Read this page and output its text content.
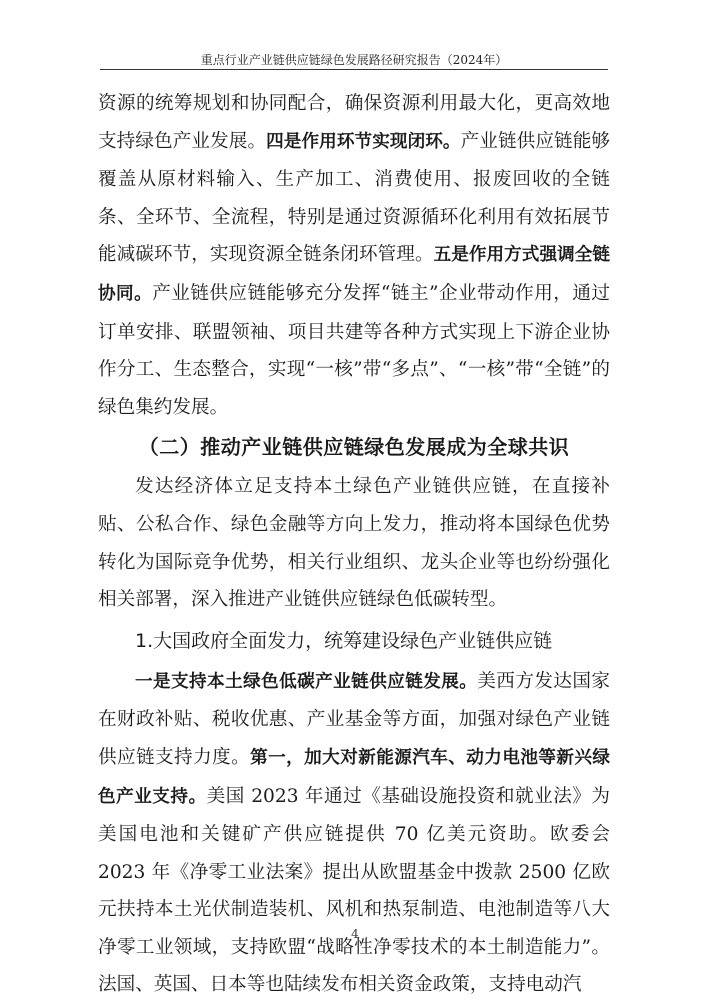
重点行业产业链供应链绿色发展路径研究报告（2024年）

资源的统筹规划和协同配合，确保资源利用最大化，更高效地支持绿色产业发展。四是作用环节实现闭环。产业链供应链能够覆盖从原材料输入、生产加工、消费使用、报废回收的全链条、全环节、全流程，特别是通过资源循环化利用有效拓展节能减碳环节，实现资源全链条闭环管理。五是作用方式强调全链协同。产业链供应链能够充分发挥“链主”企业带动作用，通过订单安排、联盟领袖、项目共建等各种方式实现上下游企业协作分工、生态整合，实现“一核”带“多点”、“一核”带“全链”的绿色集约发展。

（二）推动产业链供应链绿色发展成为全球共识

发达经济体立足支持本土绿色产业链供应链，在直接补贴、公私合作、绿色金融等方向上发力，推动将本国绿色优势转化为国际竞争优势，相关行业组织、龙头企业等也纷纷强化相关部署，深入推进产业链供应链绿色低碳转型。

1.大国政府全面发力，统筹建设绿色产业链供应链

一是支持本土绿色低碳产业链供应链发展。美西方发达国家在财政补贴、税收优惠、产业基金等方面，加强对绿色产业链供应链支持力度。第一，加大对新能源汽车、动力电池等新兴绿色产业支持。美国 2023 年通过《基础设施投资和就业法》为美国电池和关键矿产供应链提供 70 亿美元资助。欧委会 2023 年《净零工业法案》提出从欧盟基金中拨款 2500 亿欧元扶持本土光伏制造装机、风机和热泵制造、电池制造等八大净零工业领域，支持欧盟“战略性净零技术的本土制造能力”。法国、英国、日本等也陆续发布相关资金政策，支持电动汽

4
